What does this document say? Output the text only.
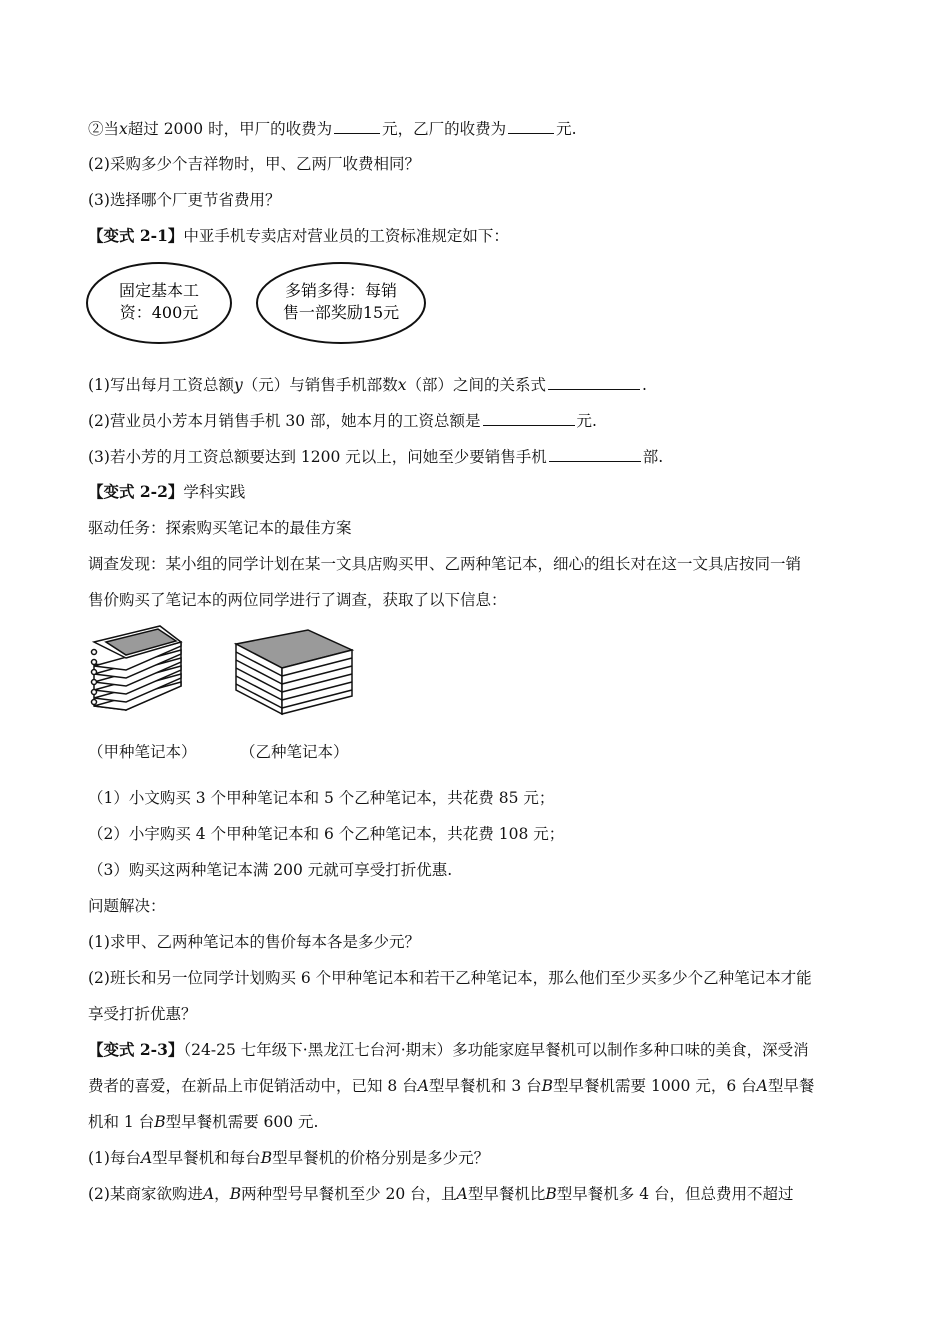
②当x超过 2000 时，甲厂的收费为	元，乙厂的收费为	元.
(2)采购多少个吉祥物时，甲、乙两厂收费相同？
(3)选择哪个厂更节省费用？
【变式 2-1】中亚手机专卖店对营业员的工资标准规定如下：
固定基本工
资：400元
多销多得：每销
售一部奖励15元
(1)写出每月工资总额y（元）与销售手机部数x（部）之间的关系式	.
(2)营业员小芳本月销售手机 30 部，她本月的工资总额是	元.
(3)若小芳的月工资总额要达到 1200 元以上，问她至少要销售手机	部.
【变式 2-2】学科实践
驱动任务：探索购买笔记本的最佳方案
调查发现：某小组的同学计划在某一文具店购买甲、乙两种笔记本，细心的组长对在这一文具店按同一销
售价购买了笔记本的两位同学进行了调查，获取了以下信息：
（甲种笔记本）	（乙种笔记本）
（1）小文购买 3 个甲种笔记本和 5 个乙种笔记本，共花费 85 元；
（2）小宇购买 4 个甲种笔记本和 6 个乙种笔记本，共花费 108 元；
（3）购买这两种笔记本满 200 元就可享受打折优惠.
问题解决：
(1)求甲、乙两种笔记本的售价每本各是多少元？
(2)班长和另一位同学计划购买 6 个甲种笔记本和若干乙种笔记本，那么他们至少买多少个乙种笔记本才能
享受打折优惠？
【变式 2-3】（24-25 七年级下·黑龙江七台河·期末）多功能家庭早餐机可以制作多种口味的美食，深受消
费者的喜爱，在新品上市促销活动中，已知 8 台A型早餐机和 3 台B型早餐机需要 1000 元，6 台A型早餐
机和 1 台B型早餐机需要 600 元.
(1)每台A型早餐机和每台B型早餐机的价格分别是多少元？
(2)某商家欲购进A，B两种型号早餐机至少 20 台，且A型早餐机比B型早餐机多 4 台，但总费用不超过
